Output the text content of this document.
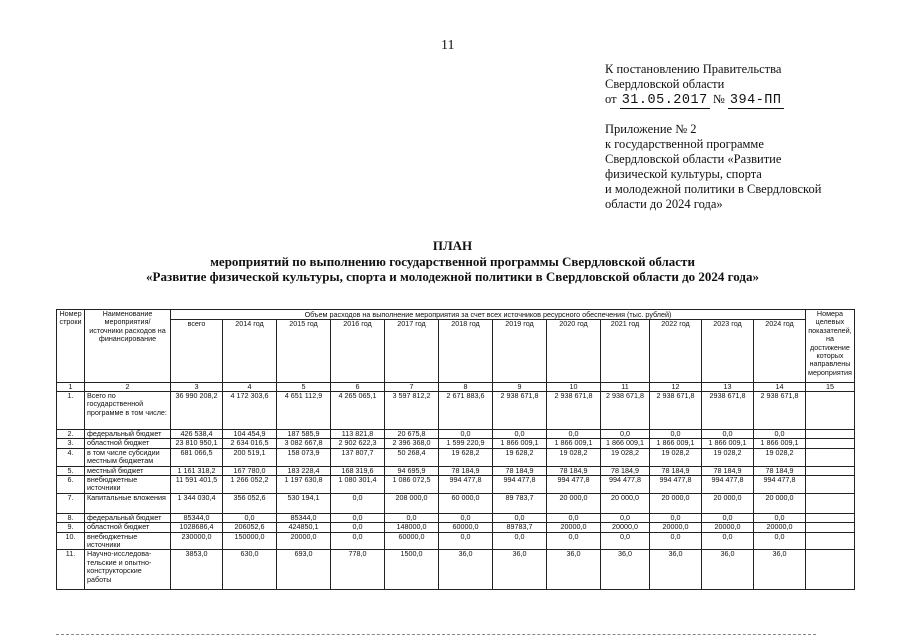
11
К постановлению Правительства
Свердловской области
от 31.05.2017 № 394-ПП
Приложение № 2
к государственной программе
Свердловской области «Развитие
физической культуры, спорта
и молодежной политики в Свердловской
области до 2024 года»
ПЛАН
мероприятий по выполнению государственной программы Свердловской области
«Развитие физической культуры, спорта и молодежной политики в Свердловской области до 2024 года»
Номер строки	Наименование мероприятия/ источники расходов на финансирование	Объем расходов на выполнение мероприятия за счет всех источников ресурсного обеспечения (тыс. рублей)												Номера целевых показателей, на достижение которых направлены мероприятия
		всего	2014 год	2015 год	2016 год	2017 год	2018 год	2019 год	2020 год	2021 год	2022 год	2023 год	2024 год	
1	2	3	4	5	6	7	8	9	10	11	12	13	14	15
1.	Всего по государственной программе в том числе:	36 990 208,2	4 172 303,6	4 651 112,9	4 265 065,1	3 597 812,2	2 671 883,6	2 938 671,8	2 938 671,8	2 938 671,8	2 938 671,8	2938 671,8	2 938 671,8	
2.	федеральный бюджет	426 538,4	104 454,9	187 585,9	113 821,8	20 675,8	0,0	0,0	0,0	0,0	0,0	0,0	0,0	
3.	областной бюджет	23 810 950,1	2 634 016,5	3 082 667,8	2 902 622,3	2 396 368,0	1 599 220,9	1 866 009,1	1 866 009,1	1 866 009,1	1 866 009,1	1 866 009,1	1 866 009,1	
4.	в том числе субсидии местным бюджетам	681 066,5	200 519,1	158 073,9	137 807,7	50 268,4	19 628,2	19 628,2	19 028,2	19 028,2	19 028,2	19 028,2	19 028,2	
5.	местный бюджет	1 161 318,2	167 780,0	183 228,4	168 319,6	94 695,9	78 184,9	78 184,9	78 184,9	78 184,9	78 184,9	78 184,9	78 184,9	
6.	внебюджетные источники	11 591 401,5	1 266 052,2	1 197 630,8	1 080 301,4	1 086 072,5	994 477,8	994 477,8	994 477,8	994 477,8	994 477,8	994 477,8	994 477,8	
7.	Капитальные вложения	1 344 030,4	356 052,6	530 194,1	0,0	208 000,0	60 000,0	89 783,7	20 000,0	20 000,0	20 000,0	20 000,0	20 000,0	
8.	федеральный бюджет	85344,0	0,0	85344,0	0,0	0,0	0,0	0,0	0,0	0,0	0,0	0,0	0,0	
9.	областной бюджет	1028686,4	206052,6	424850,1	0,0	148000,0	60000,0	89783,7	20000,0	20000,0	20000,0	20000,0	20000,0	
10.	внебюджетные источники	230000,0	150000,0	20000,0	0,0	60000,0	0,0	0,0	0,0	0,0	0,0	0,0	0,0	
11.	Научно-исследова-тельские и опытно-конструкторские работы	3853,0	630,0	693,0	778,0	1500,0	36,0	36,0	36,0	36,0	36,0	36,0	36,0	
